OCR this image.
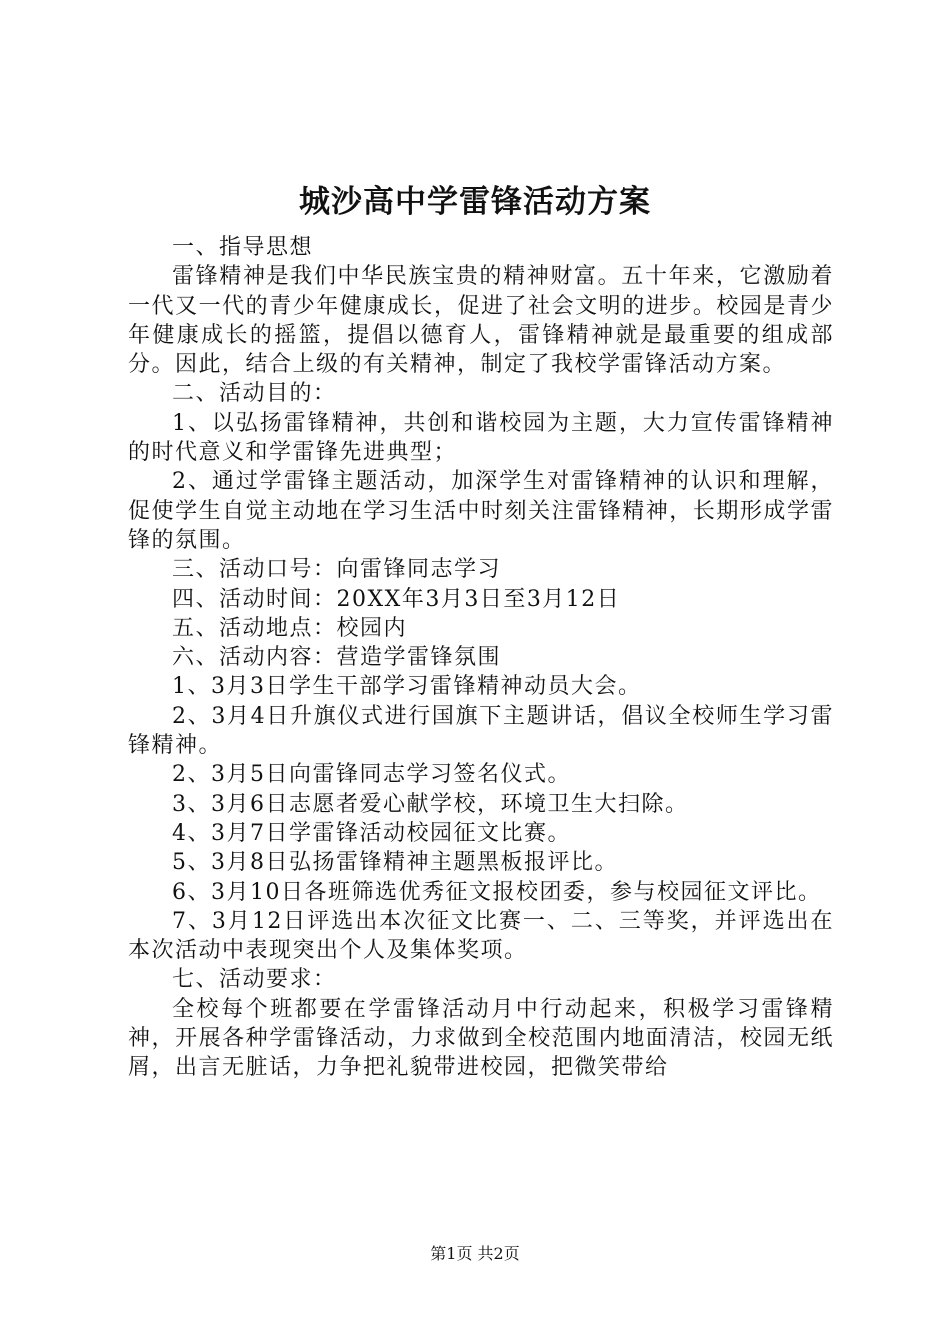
城沙高中学雷锋活动方案

一、指导思想

雷锋精神是我们中华民族宝贵的精神财富。五十年来，它激励着一代又一代的青少年健康成长，促进了社会文明的进步。校园是青少年健康成长的摇篮，提倡以德育人，雷锋精神就是最重要的组成部分。因此，结合上级的有关精神，制定了我校学雷锋活动方案。

二、活动目的：

1、以弘扬雷锋精神，共创和谐校园为主题，大力宣传雷锋精神的时代意义和学雷锋先进典型；

2、通过学雷锋主题活动，加深学生对雷锋精神的认识和理解，促使学生自觉主动地在学习生活中时刻关注雷锋精神，长期形成学雷锋的氛围。

三、活动口号：向雷锋同志学习

四、活动时间：20XX年3月3日至3月12日

五、活动地点：校园内

六、活动内容：营造学雷锋氛围

1、3月3日学生干部学习雷锋精神动员大会。

2、3月4日升旗仪式进行国旗下主题讲话，倡议全校师生学习雷锋精神。

2、3月5日向雷锋同志学习签名仪式。

3、3月6日志愿者爱心献学校，环境卫生大扫除。

4、3月7日学雷锋活动校园征文比赛。

5、3月8日弘扬雷锋精神主题黑板报评比。

6、3月10日各班筛选优秀征文报校团委，参与校园征文评比。

7、3月12日评选出本次征文比赛一、二、三等奖，并评选出在本次活动中表现突出个人及集体奖项。

七、活动要求：

全校每个班都要在学雷锋活动月中行动起来，积极学习雷锋精神，开展各种学雷锋活动，力求做到全校范围内地面清洁，校园无纸屑，出言无脏话，力争把礼貌带进校园，把微笑带给

第1页 共2页
